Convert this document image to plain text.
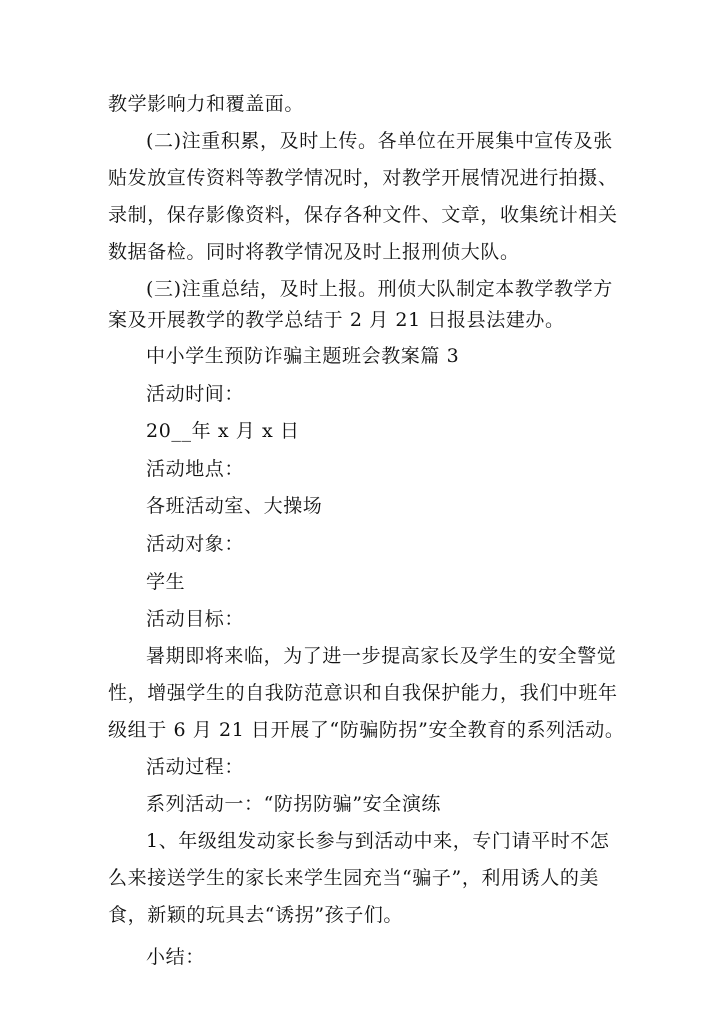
教学影响力和覆盖面。
(二)注重积累，及时上传。各单位在开展集中宣传及张
贴发放宣传资料等教学情况时，对教学开展情况进行拍摄、
录制，保存影像资料，保存各种文件、文章，收集统计相关
数据备检。同时将教学情况及时上报刑侦大队。
(三)注重总结，及时上报。刑侦大队制定本教学教学方
案及开展教学的教学总结于 2 月 21 日报县法建办。
中小学生预防诈骗主题班会教案篇 3
活动时间：
20__年 x 月 x 日
活动地点：
各班活动室、大操场
活动对象：
学生
活动目标：
暑期即将来临，为了进一步提高家长及学生的安全警觉
性，增强学生的自我防范意识和自我保护能力，我们中班年
级组于 6 月 21 日开展了“防骗防拐”安全教育的系列活动。
活动过程：
系列活动一：“防拐防骗”安全演练
1、年级组发动家长参与到活动中来，专门请平时不怎
么来接送学生的家长来学生园充当“骗子”，利用诱人的美
食，新颖的玩具去“诱拐”孩子们。
小结：
